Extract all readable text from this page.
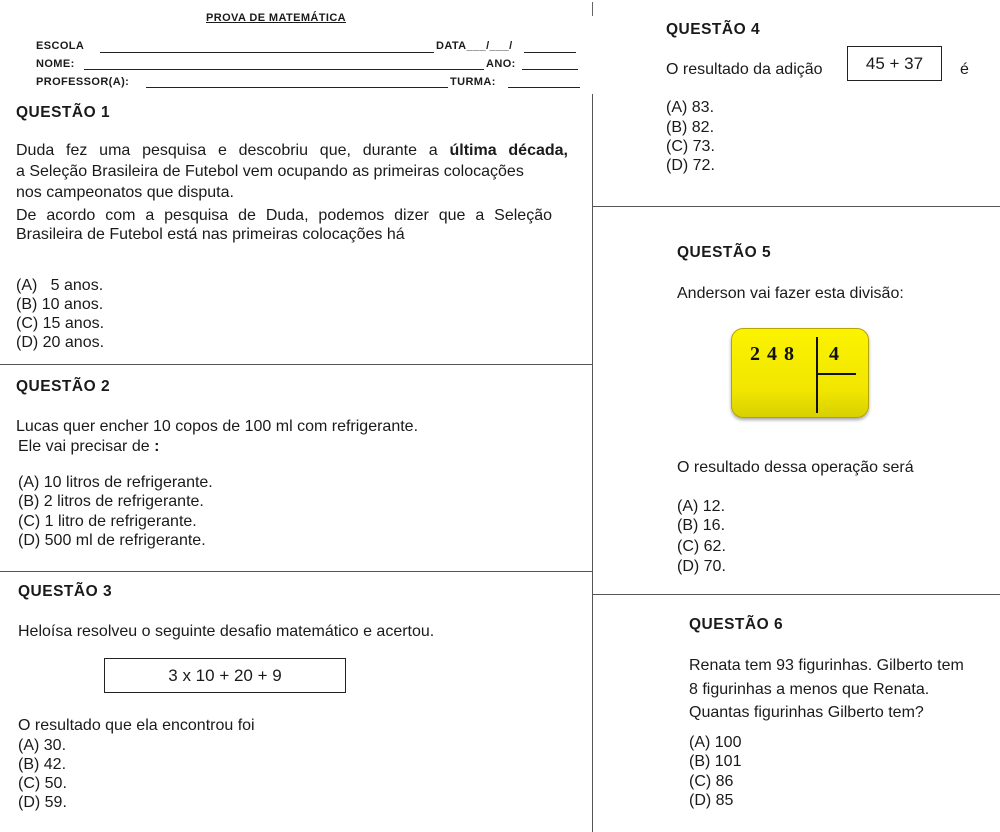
PROVA DE MATEMÁTICA
ESCOLA	DATA___/___/
NOME:	ANO:
PROFESSOR(A):	TURMA:
QUESTÃO 1
Duda fez uma pesquisa e descobriu que, durante a última década,
a Seleção Brasileira de Futebol vem ocupando as primeiras colocações
nos campeonatos que disputa.
De acordo com a pesquisa de Duda, podemos dizer que a Seleção
Brasileira de Futebol está nas primeiras colocações há
(A)   5 anos.
(B) 10 anos.
(C) 15 anos.
(D) 20 anos.
QUESTÃO 2
Lucas quer encher 10 copos de 100 ml com refrigerante.
Ele vai precisar de :
(A) 10 litros de refrigerante.
(B) 2 litros de refrigerante.
(C) 1 litro de refrigerante.
(D) 500 ml de refrigerante.
QUESTÃO 3
Heloísa resolveu o seguinte desafio matemático e acertou.
3 x 10 + 20 + 9
O resultado que ela encontrou foi
(A) 30.
(B) 42.
(C) 50.
(D) 59.
QUESTÃO 4
O resultado da adição	45 + 37	é
(A) 83.
(B) 82.
(C) 73.
(D) 72.
QUESTÃO 5
Anderson vai fazer esta divisão:
2 4 8 4
O resultado dessa operação será
(A) 12.
(B) 16.
(C) 62.
(D) 70.
QUESTÃO 6
Renata tem 93 figurinhas. Gilberto tem
8 figurinhas a menos que Renata.
Quantas figurinhas Gilberto tem?
(A) 100
(B) 101
(C) 86
(D) 85
